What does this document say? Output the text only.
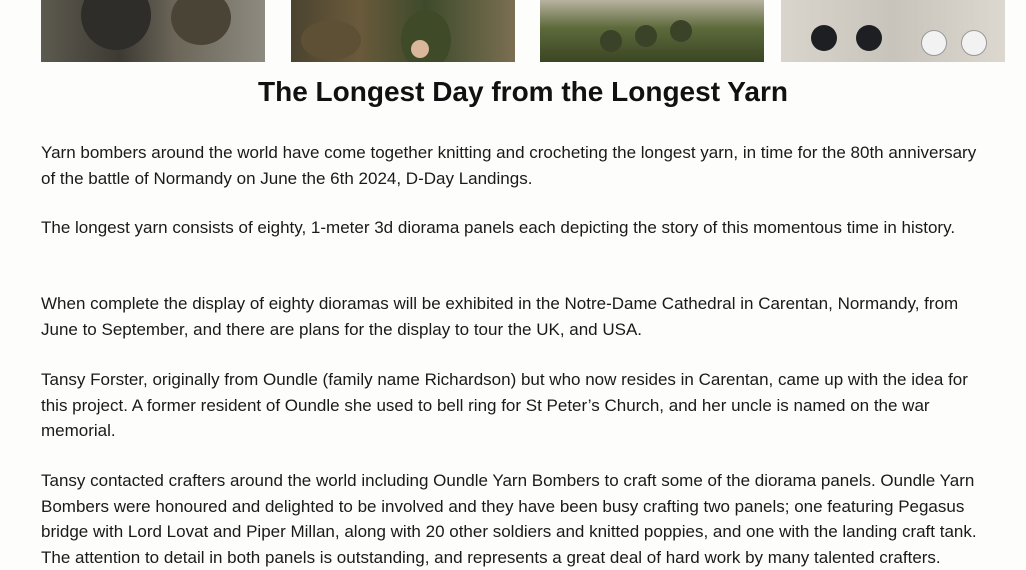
The Longest Day from the Longest Yarn

Yarn bombers around the world have come together knitting and crocheting the longest yarn, in time for the 80th anniversary of the battle of Normandy on June the 6th 2024, D-Day Landings.

The longest yarn consists of eighty, 1-meter 3d diorama panels each depicting the story of this momentous time in history.

When complete the display of eighty dioramas will be exhibited in the Notre-Dame Cathedral in Carentan, Normandy, from June to September, and there are plans for the display to tour the UK, and USA.

Tansy Forster, originally from Oundle (family name Richardson) but who now resides in Carentan, came up with the idea for this project. A former resident of Oundle she used to bell ring for St Peter’s Church, and her uncle is named on the war memorial.

Tansy contacted crafters around the world including Oundle Yarn Bombers to craft some of the diorama panels. Oundle Yarn Bombers were honoured and delighted to be involved and they have been busy crafting two panels; one featuring Pegasus bridge with Lord Lovat and Piper Millan, along with 20 other soldiers and knitted poppies, and one with the landing craft tank. The attention to detail in both panels is outstanding, and represents a great deal of hard work by many talented crafters.
